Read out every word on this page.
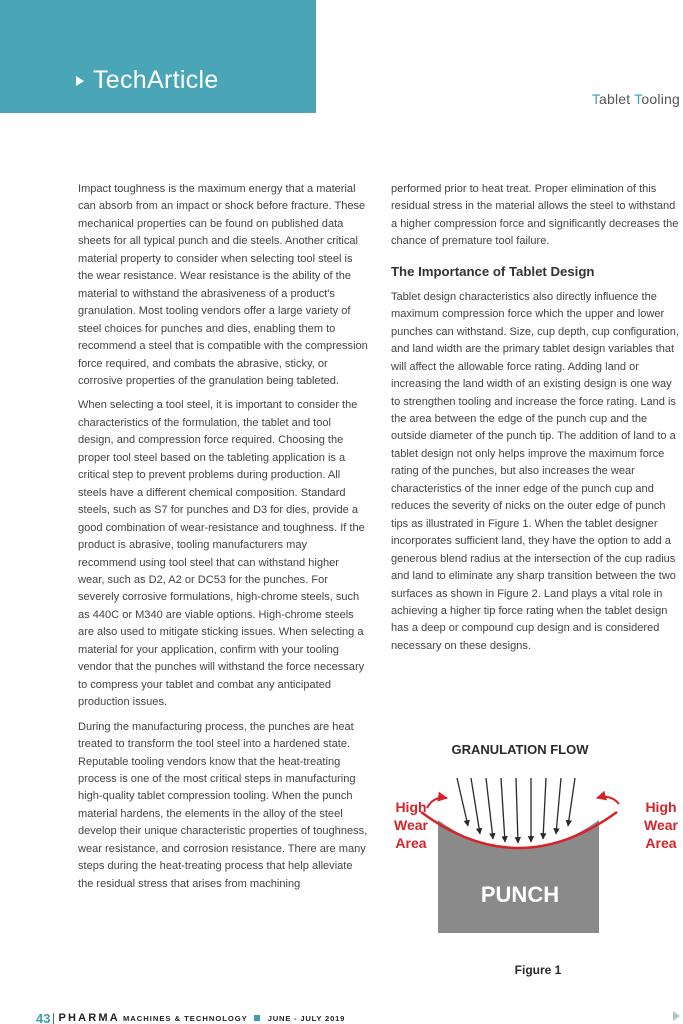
TechArticle
Tablet Tooling

Impact toughness is the maximum energy that a material can absorb from an impact or shock before fracture. These mechanical properties can be found on published data sheets for all typical punch and die steels. Another critical material property to consider when selecting tool steel is the wear resistance. Wear resistance is the ability of the material to withstand the abrasiveness of a product's granulation. Most tooling vendors offer a large variety of steel choices for punches and dies, enabling them to recommend a steel that is compatible with the compression force required, and combats the abrasive, sticky, or corrosive properties of the granulation being tableted.

When selecting a tool steel, it is important to consider the characteristics of the formulation, the tablet and tool design, and compression force required. Choosing the proper tool steel based on the tableting application is a critical step to prevent problems during production. All steels have a different chemical composition. Standard steels, such as S7 for punches and D3 for dies, provide a good combination of wear-resistance and toughness. If the product is abrasive, tooling manufacturers may recommend using tool steel that can withstand higher wear, such as D2, A2 or DC53 for the punches. For severely corrosive formulations, high-chrome steels, such as 440C or M340 are viable options. High-chrome steels are also used to mitigate sticking issues. When selecting a material for your application, confirm with your tooling vendor that the punches will withstand the force necessary to compress your tablet and combat any anticipated production issues.

During the manufacturing process, the punches are heat treated to transform the tool steel into a hardened state. Reputable tooling vendors know that the heat-treating process is one of the most critical steps in manufacturing high-quality tablet compression tooling. When the punch material hardens, the elements in the alloy of the steel develop their unique characteristic properties of toughness, wear resistance, and corrosion resistance. There are many steps during the heat-treating process that help alleviate the residual stress that arises from machining

performed prior to heat treat. Proper elimination of this residual stress in the material allows the steel to withstand a higher compression force and significantly decreases the chance of premature tool failure.

The Importance of Tablet Design

Tablet design characteristics also directly influence the maximum compression force which the upper and lower punches can withstand. Size, cup depth, cup configuration, and land width are the primary tablet design variables that will affect the allowable force rating. Adding land or increasing the land width of an existing design is one way to strengthen tooling and increase the force rating. Land is the area between the edge of the punch cup and the outside diameter of the punch tip. The addition of land to a tablet design not only helps improve the maximum force rating of the punches, but also increases the wear characteristics of the inner edge of the punch cup and reduces the severity of nicks on the outer edge of punch tips as illustrated in Figure 1. When the tablet designer incorporates sufficient land, they have the option to add a generous blend radius at the intersection of the cup radius and land to eliminate any sharp transition between the two surfaces as shown in Figure 2. Land plays a vital role in achieving a higher tip force rating when the tablet design has a deep or compound cup design and is considered necessary on these designs.

GRANULATION FLOW
High
Wear
Area
High
Wear
Area
PUNCH
Figure 1
43 PHARMA MACHINES & TECHNOLOGY	JUNE - JULY 2019
